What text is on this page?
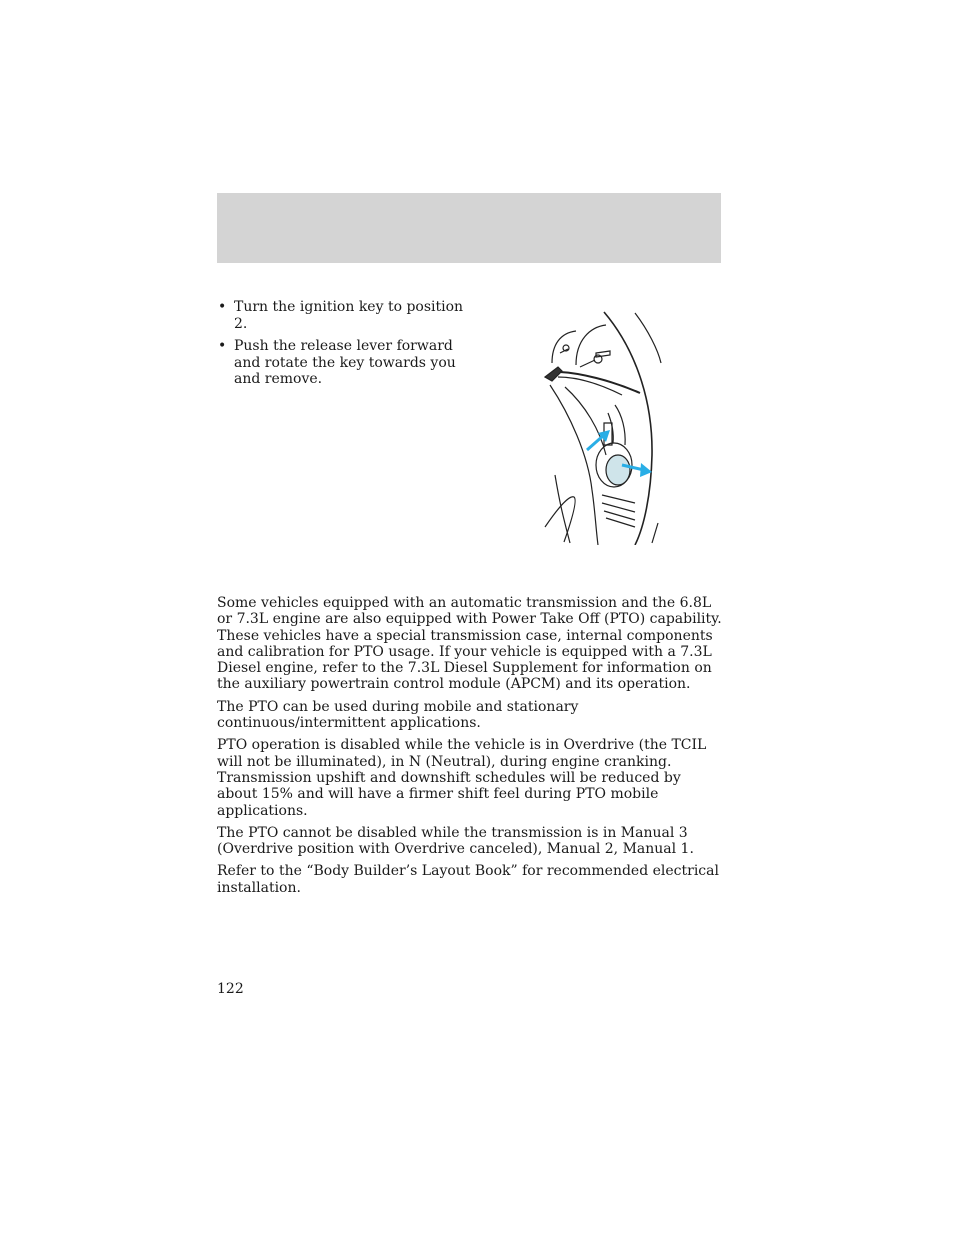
• Turn the ignition key to position 2.
• Push the release lever forward and rotate the key towards you and remove.

Some vehicles equipped with an automatic transmission and the 6.8L or 7.3L engine are also equipped with Power Take Off (PTO) capability. These vehicles have a special transmission case, internal components and calibration for PTO usage. If your vehicle is equipped with a 7.3L Diesel engine, refer to the 7.3L Diesel Supplement for information on the auxiliary powertrain control module (APCM) and its operation.

The PTO can be used during mobile and stationary continuous/intermittent applications.

PTO operation is disabled while the vehicle is in Overdrive (the TCIL will not be illuminated), in N (Neutral), during engine cranking. Transmission upshift and downshift schedules will be reduced by about 15% and will have a firmer shift feel during PTO mobile applications.

The PTO cannot be disabled while the transmission is in Manual 3 (Overdrive position with Overdrive canceled), Manual 2, Manual 1.

Refer to the “Body Builder’s Layout Book” for recommended electrical installation.

122
